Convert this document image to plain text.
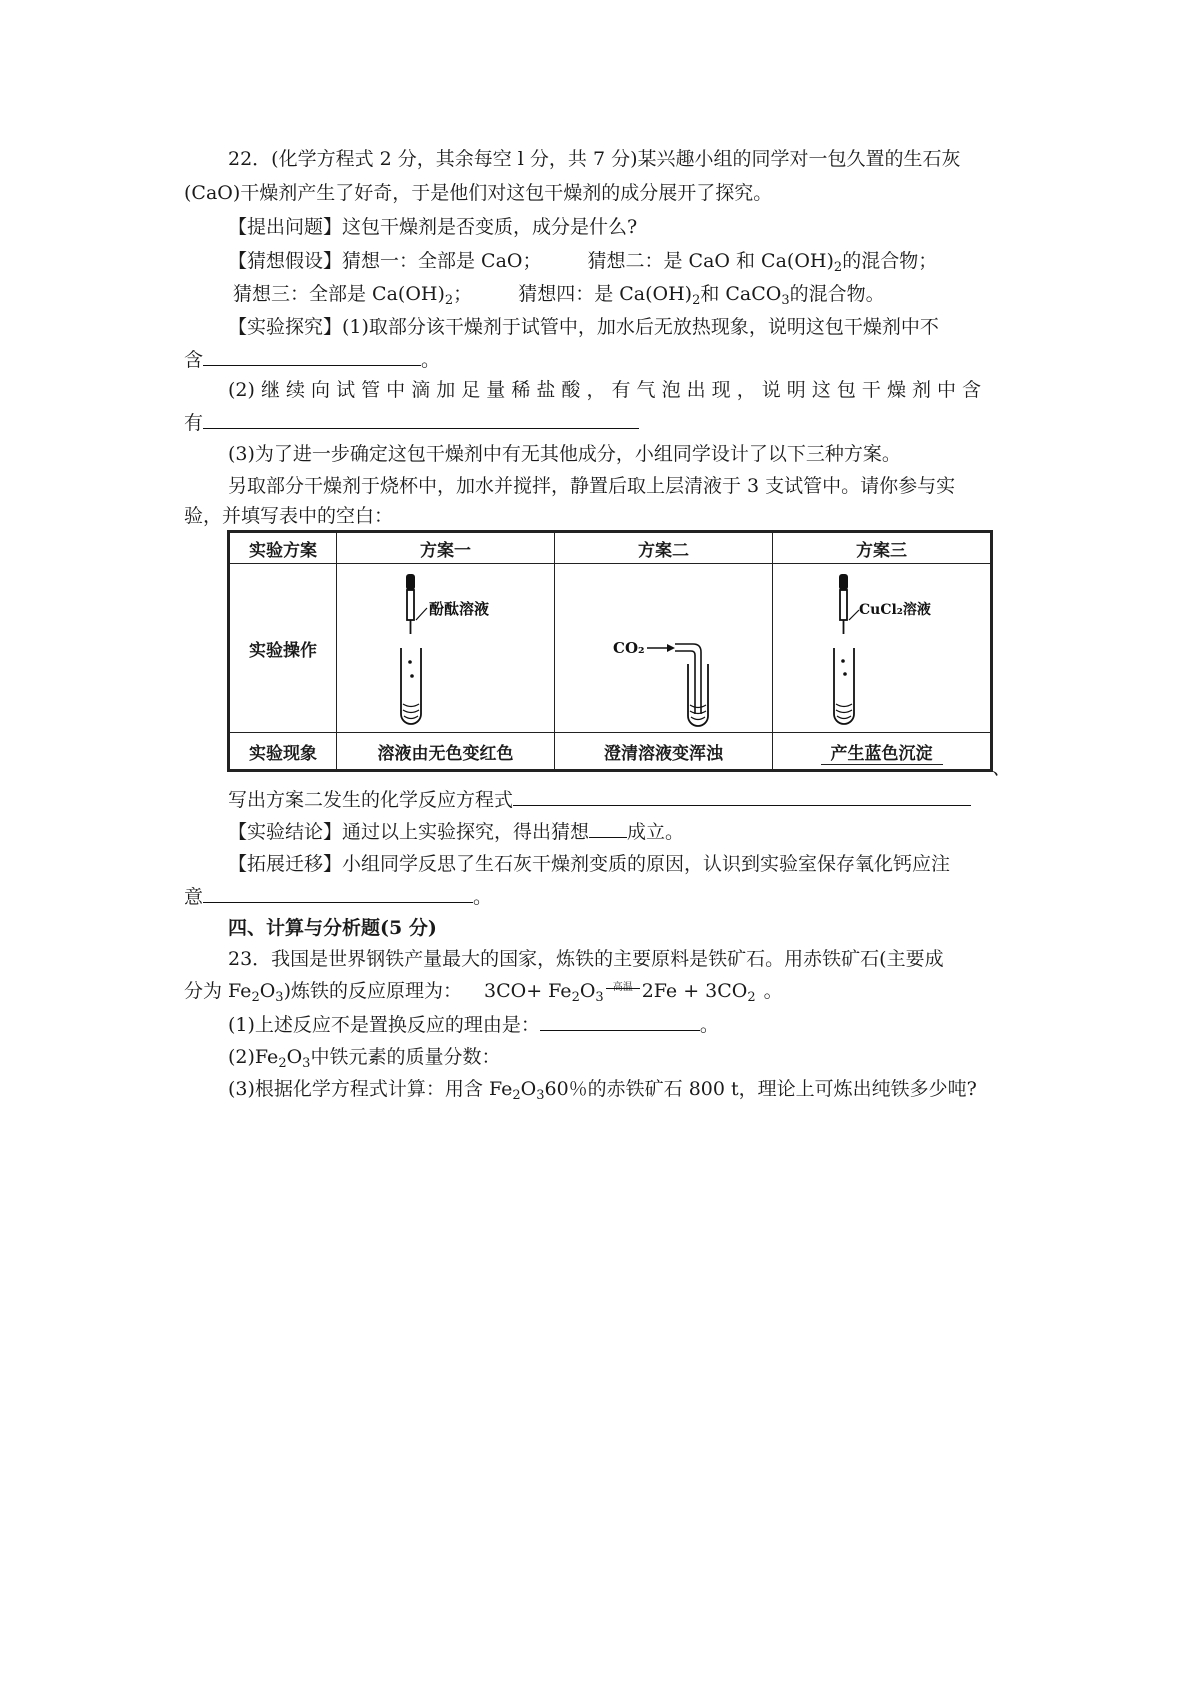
22．(化学方程式 2 分，其余每空 l 分，共 7 分)某兴趣小组的同学对一包久置的生石灰
(CaO)干燥剂产生了好奇，于是他们对这包干燥剂的成分展开了探究。
【提出问题】这包干燥剂是否变质，成分是什么?
【猜想假设】猜想一：全部是 CaO； 猜想二：是 CaO 和 $Ca(OH)_2$的混合物；
猜想三：全部是 $Ca(OH)_2$； 猜想四：是 $Ca(OH)_2$和 CaCO$_3$的混合物。
【实验探究】(1)取部分该干燥剂于试管中，加水后无放热现象，说明这包干燥剂中不
含	。
(2) 继 续 向 试 管 中 滴 加 足 量 稀 盐 酸 ， 有 气 泡 出 现 ， 说 明 这 包 干 燥 剂 中 含
有
(3)为了进一步确定这包干燥剂中有无其他成分，小组同学设计了以下三种方案。
另取部分干燥剂于烧杯中，加水并搅拌，静置后取上层清液于 3 支试管中。请你参与实
验，并填写表中的空白：
实验方案	方案一	方案二	方案三
实验操作	酚酞溶液	CO₂	CuCl₂溶液

实验现象	溶液由无色变红色	澄清溶液变浑浊	产生蓝色沉淀
、
写出方案二发生的化学反应方程式
【实验结论】通过以上实验探究，得出猜想 成立。
【拓展迁移】小组同学反思了生石灰干燥剂变质的原因，认识到实验室保存氧化钙应注
意	。
四、计算与分析题(5 分)
23．我国是世界钢铁产量最大的国家，炼铁的主要原料是铁矿石。用赤铁矿石(主要成
分为 $Fe_2O_3$)炼铁的反应原理为： $3CO+ Fe_2O_3$
高温 $2Fe + 3CO_2$ 。
(1)上述反应不是置换反应的理由是：	。
$(2)Fe_2O_3$中铁元素的质量分数：
(3)根据化学方程式计算：用含 $Fe_2O_360$％的赤铁矿石 800 t，理论上可炼出纯铁多少吨?
